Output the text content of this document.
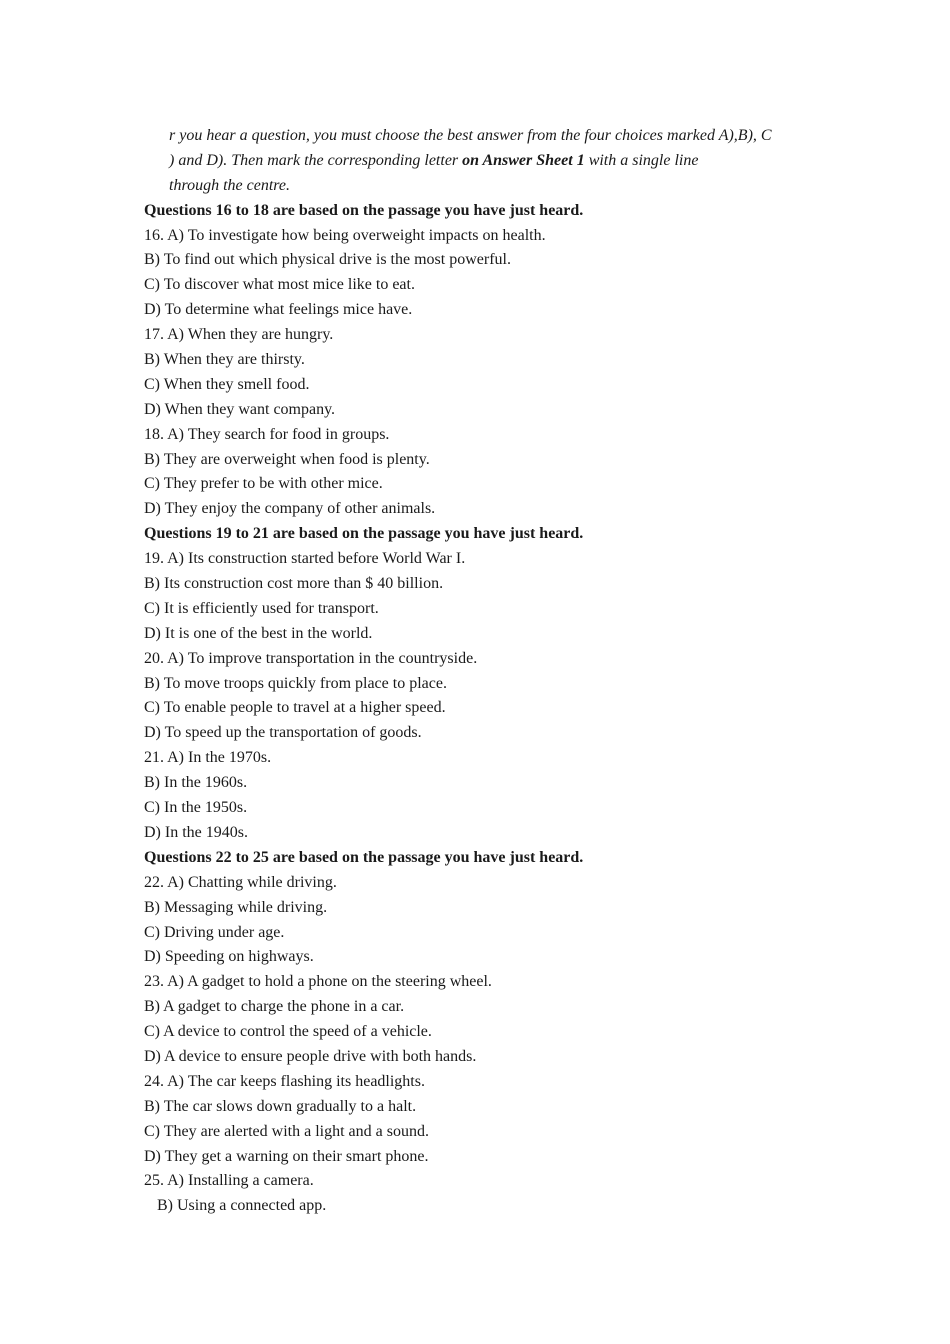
r you hear a question, you must choose the best answer from the four choices marked A),B), C
) and D). Then mark the corresponding letter on Answer Sheet 1 with a single line
through the centre.
Questions 16 to 18 are based on the passage you have just heard.
16. A) To investigate how being overweight impacts on health.
B) To find out which physical drive is the most powerful.
C) To discover what most mice like to eat.
D) To determine what feelings mice have.
17. A) When they are hungry.
B) When they are thirsty.
C) When they smell food.
D) When they want company.
18. A) They search for food in groups.
B) They are overweight when food is plenty.
C) They prefer to be with other mice.
D) They enjoy the company of other animals.
Questions 19 to 21 are based on the passage you have just heard.
19. A) Its construction started before World War I.
B) Its construction cost more than $ 40 billion.
C) It is efficiently used for transport.
D) It is one of the best in the world.
20. A) To improve transportation in the countryside.
B) To move troops quickly from place to place.
C) To enable people to travel at a higher speed.
D) To speed up the transportation of goods.
21. A) In the 1970s.
B) In the 1960s.
C) In the 1950s.
D) In the 1940s.
Questions 22 to 25 are based on the passage you have just heard.
22. A) Chatting while driving.
B) Messaging while driving.
C) Driving under age.
D) Speeding on highways.
23. A) A gadget to hold a phone on the steering wheel.
B) A gadget to charge the phone in a car.
C) A device to control the speed of a vehicle.
D) A device to ensure people drive with both hands.
24. A) The car keeps flashing its headlights.
B) The car slows down gradually to a halt.
C) They are alerted with a light and a sound.
D) They get a warning on their smart phone.
25. A) Installing a camera.
B) Using a connected app.
